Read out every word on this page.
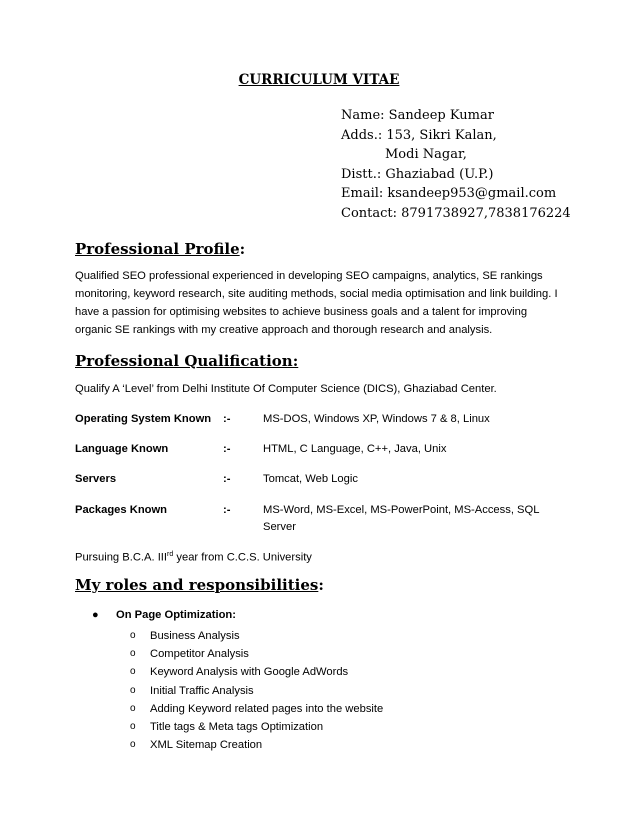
CURRICULUM VITAE
Name: Sandeep Kumar
Adds.: 153, Sikri Kalan,
Modi Nagar,
Distt.: Ghaziabad (U.P.)
Email: ksandeep953@gmail.com
Contact: 8791738927,7838176224
Professional Profile:
Qualified SEO professional experienced in developing SEO campaigns, analytics, SE rankings monitoring, keyword research, site auditing methods, social media optimisation and link building. I have a passion for optimising websites to achieve business goals and a talent for improving organic SE rankings with my creative approach and thorough research and analysis.
Professional Qualification:
Qualify A ‘Level’ from Delhi Institute Of Computer Science (DICS), Ghaziabad Center.
Operating System Known :-	MS-DOS, Windows XP, Windows 7 & 8, Linux
Language Known	:-	HTML, C Language, C++, Java, Unix
Servers	:-	Tomcat, Web Logic
Packages Known	:-	MS-Word, MS-Excel, MS-PowerPoint, MS-Access, SQL Server
Pursuing B.C.A. IIIrd year from C.C.S. University
My roles and responsibilities:
● On Page Optimization:
o Business Analysis
o Competitor Analysis
o Keyword Analysis with Google AdWords
o Initial Traffic Analysis
o Adding Keyword related pages into the website
o Title tags & Meta tags Optimization
o XML Sitemap Creation
